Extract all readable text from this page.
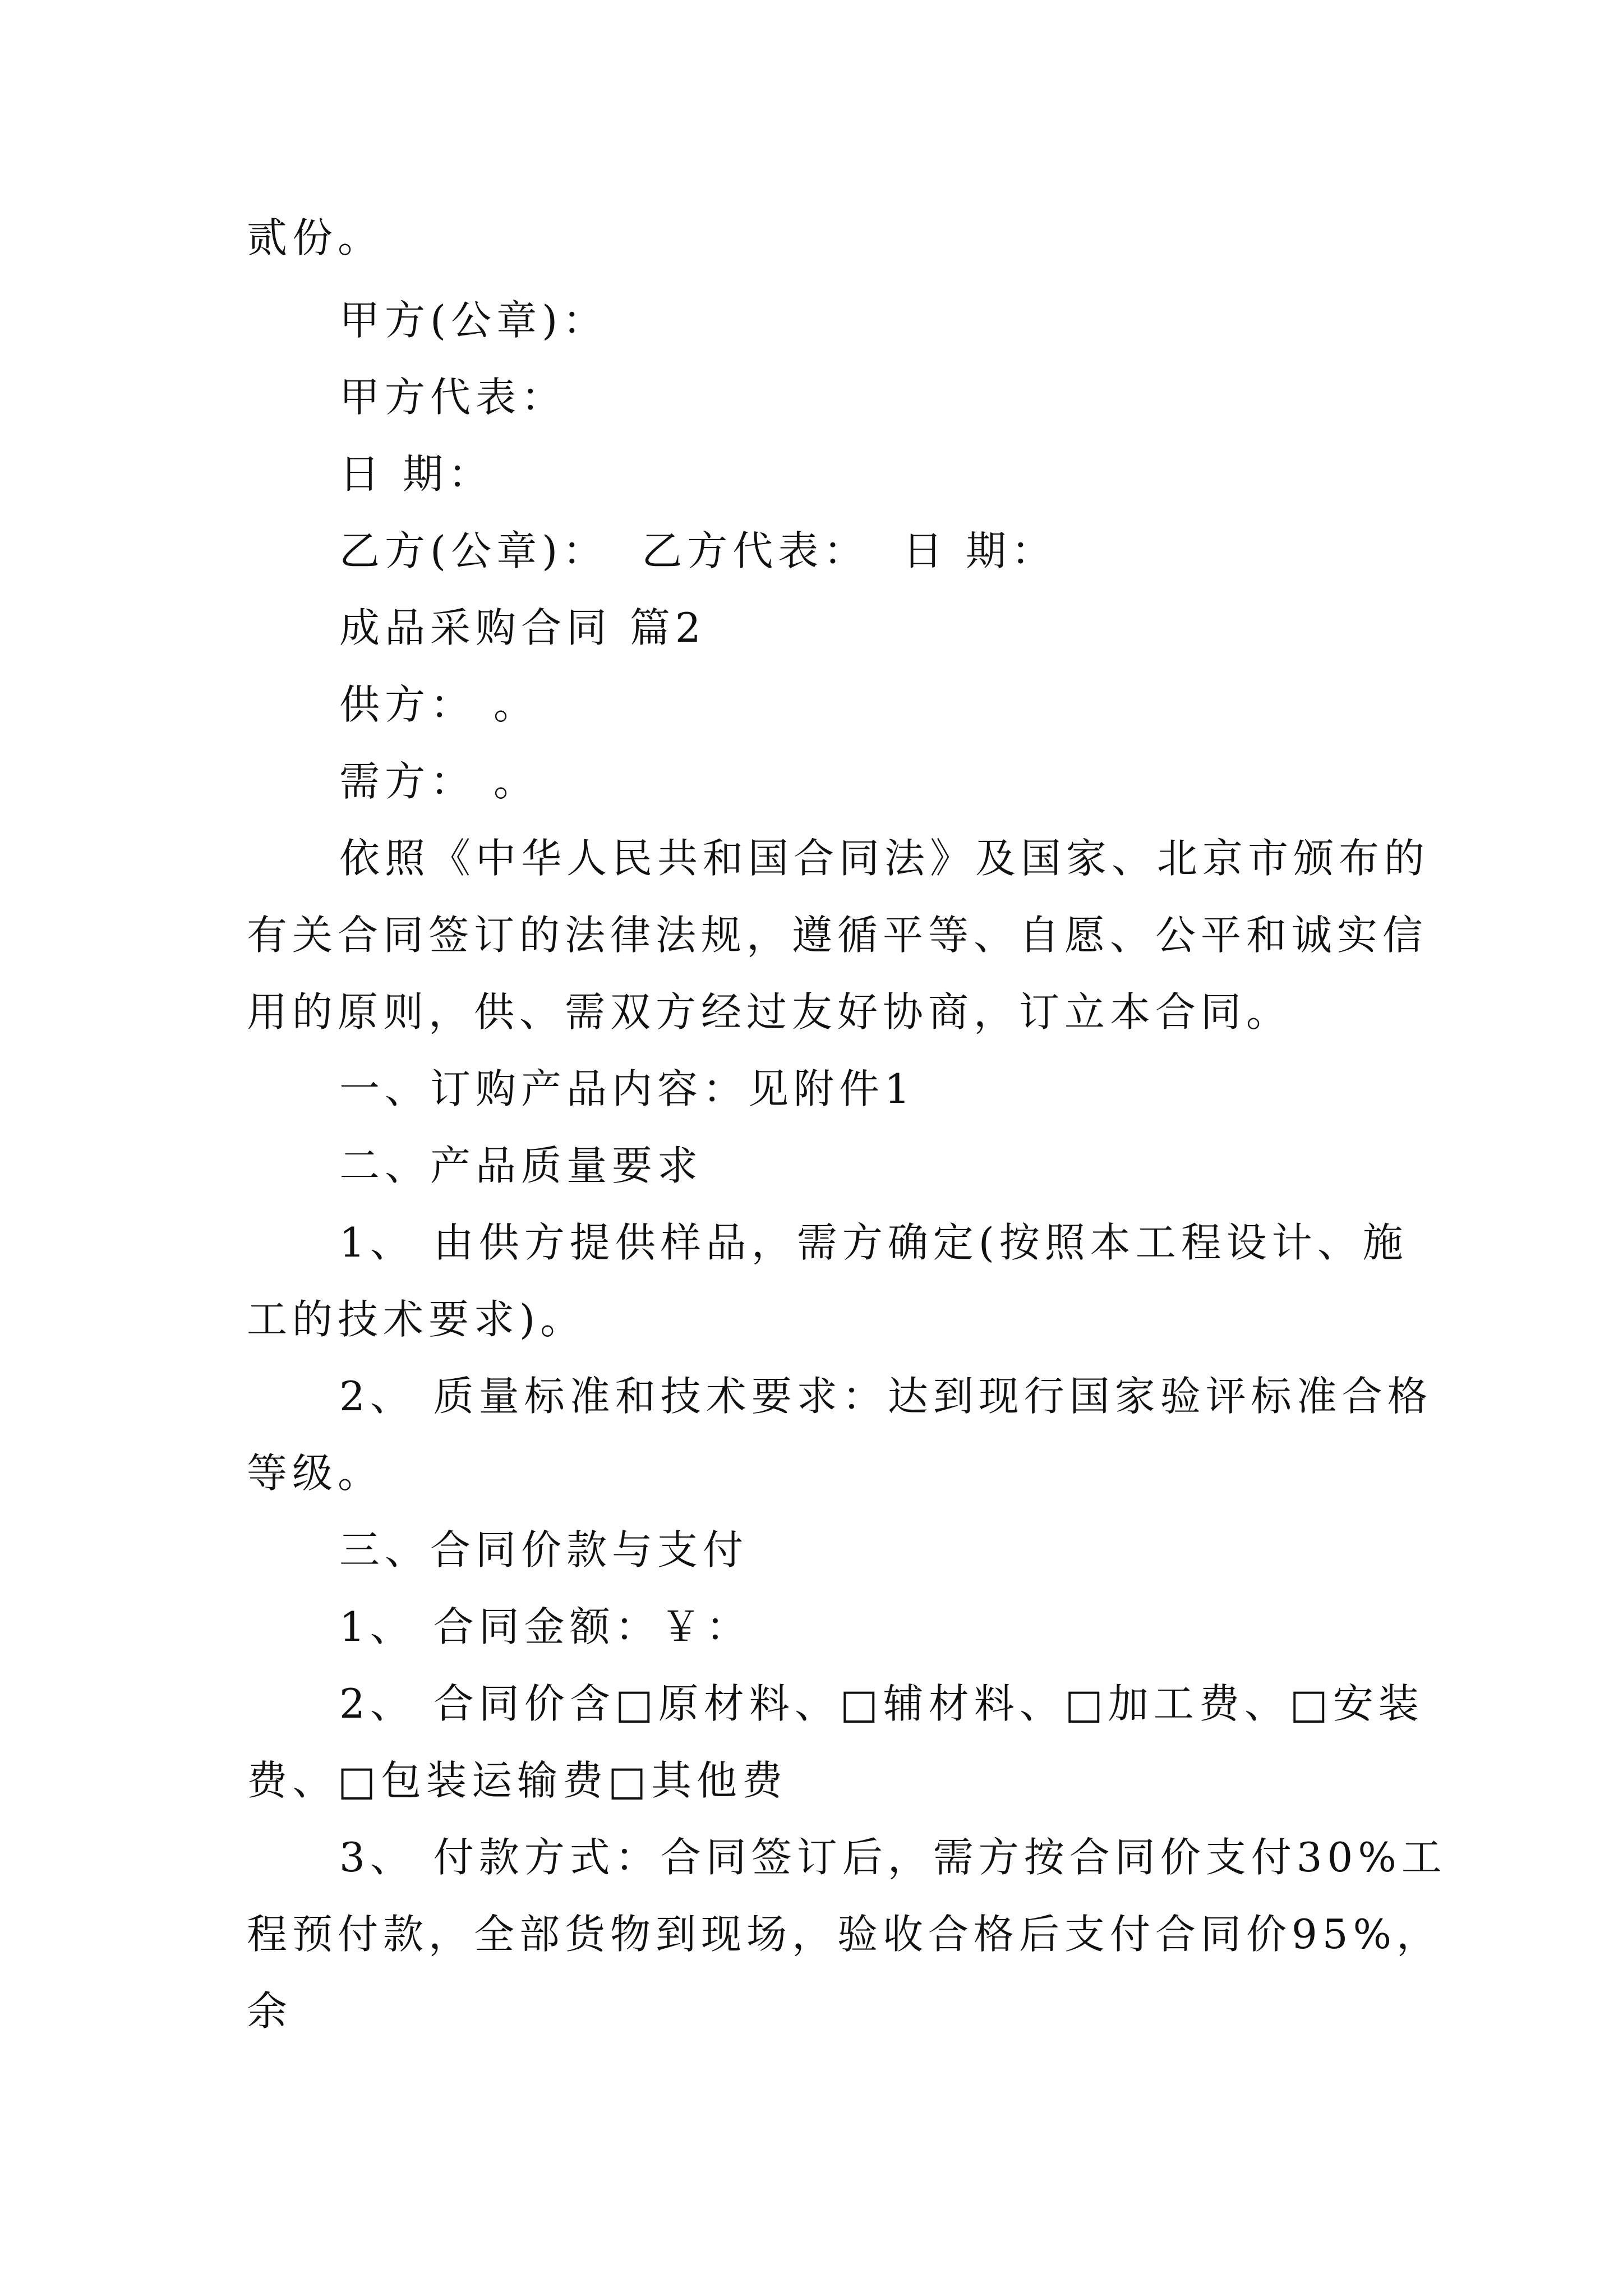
贰份。
甲方(公章)：
甲方代表：
日 期：
乙方(公章)： 乙方代表： 日 期：
成品采购合同 篇2
供方： 。
需方： 。
依照《中华人民共和国合同法》及国家、北京市颁布的
有关合同签订的法律法规，遵循平等、自愿、公平和诚实信
用的原则，供、需双方经过友好协商，订立本合同。
一、订购产品内容：见附件1
二、产品质量要求
1、 由供方提供样品，需方确定(按照本工程设计、施
工的技术要求)。
2、 质量标准和技术要求：达到现行国家验评标准合格
等级。
三、合同价款与支付
1、 合同金额：￥：
2、 合同价含□原材料、□辅材料、□加工费、□安装
费、□包装运输费□其他费
3、 付款方式：合同签订后，需方按合同价支付30%工
程预付款，全部货物到现场，验收合格后支付合同价95%，
余
